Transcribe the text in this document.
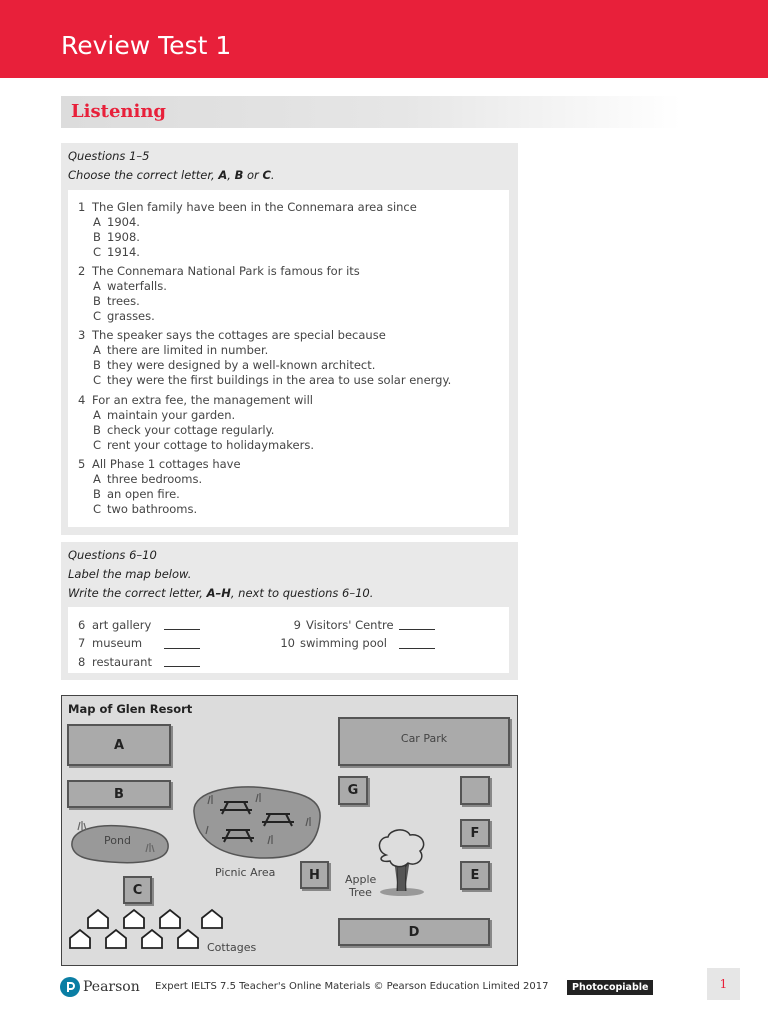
Review Test 1
Listening
Questions 1–5
Choose the correct letter, A, B or C.
1 The Glen family have been in the Connemara area since
A 1904.
B 1908.
C 1914.
2 The Connemara National Park is famous for its
A waterfalls.
B trees.
C grasses.
3 The speaker says the cottages are special because
A there are limited in number.
B they were designed by a well-known architect.
C they were the first buildings in the area to use solar energy.
4 For an extra fee, the management will
A maintain your garden.
B check your cottage regularly.
C rent your cottage to holidaymakers.
5 All Phase 1 cottages have
A three bedrooms.
B an open fire.
C two bathrooms.
Questions 6–10
Label the map below.
Write the correct letter, A–H, next to questions 6–10.
6 art gallery
7 museum
8 restaurant
9 Visitors' Centre
10 swimming pool
Map of Glen Resort
Pond
Picnic Area
Apple
Tree
Cottages
A
B
C
D
E
F
G
H
Car Park
Pearson Expert IELTS 7.5 Teacher's Online Materials © Pearson Education Limited 2017	Photocopiable	1
